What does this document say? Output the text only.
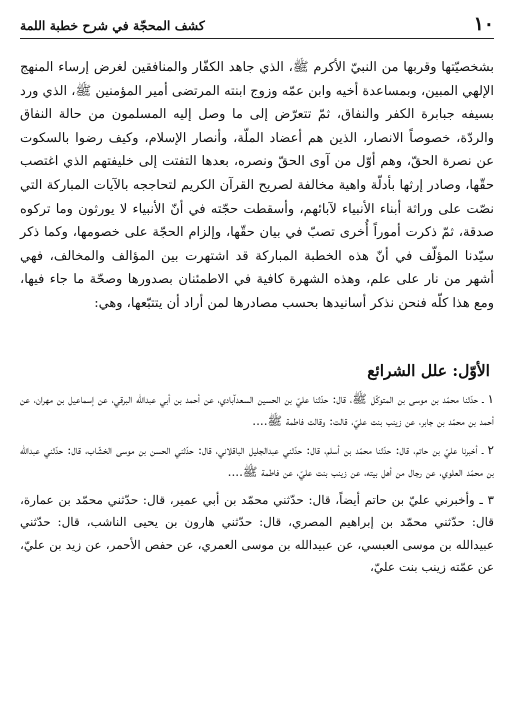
١٠
كشف المحجّة في شرح خطبة اللمة

بشخصيّتها وقربها من النبيّ الأكرم ﷺ، الذي جاهد الكفّار والمنافقين لغرض إرساء المنهج الإلهي المبين، وبمساعدة أخيه وابن عمّه وزوج ابنته المرتضى أمير المؤمنين ﷺ، الذي ورد بسيفه جبابرة الكفر والنفاق، ثمّ تتعرّض إلى ما وصل إليه المسلمون من حالة النفاق والردّة، خصوصاً الانصار، الذين هم أعضاد الملّة، وأنصار الإسلام، وكيف رضوا بالسكوت عن نصرة الحقّ، وهم أوّل من آوى الحقّ ونصره، بعدها التفتت إلى خليفتهم الذي اغتصب حقّها، وصادر إرثها بأدلّة واهية مخالفة لصريح القرآن الكريم لتحاججه بالآيات المباركة التي نصّت على وراثة أبناء الأنبياء لآبائهم، وأسقطت حجّته في أنّ الأنبياء لا يورثون وما تركوه صدقة، ثمّ ذكرت أموراً أُخرى تصبّ في بيان حقّها، وإلزام الحجّة على خصومها، وكما ذكر سيّدنا المؤلّف في أنّ هذه الخطبة المباركة قد اشتهرت بين المؤالف والمخالف، فهي أشهر من نار على علم، وهذه الشهرة كافية في الاطمئنان بصدورها وصحّة ما جاء فيها، ومع هذا كلّه فنحن نذكر أسانيدها بحسب مصادرها لمن أراد أن يتتبّعها، وهي:

الأوّل: علل الشرائع

١ ـ حدّثنا محمّد بن موسى بن المتوكّل ﷺ، قال: حدّثنا عليّ بن الحسين السعدآبادي، عن أحمد بن أبي عبدالله البرقي، عن إسماعيل بن مهران، عن أحمد بن محمّد بن جابر، عن زينب بنت عليّ، قالت: وقالت فاطمة ﷺ....

٢ ـ أخبرنا عليّ بن حاتم، قال: حدّثنا محمّد بن أسلم، قال: حدّثني عبدالجليل الباقلاني، قال: حدّثني الحسن بن موسى الخشّاب، قال: حدّثني عبدالله بن محمّد العلوي، عن رجال من أهل بيته، عن زينب بنت عليّ، عن فاطمة ﷺ....

٣ ـ وأخبرني عليّ بن حاتم أيضاً، قال: حدّثني محمّد بن أبي عمير، قال: حدّثني محمّد بن عمارة، قال: حدّثني محمّد بن إبراهيم المصري، قال: حدّثني هارون بن يحيى الناشب، قال: حدّثني عبيدالله بن موسى العبسي، عن عبيدالله بن موسى العمري، عن حفص الأحمر، عن زيد بن عليّ، عن عمّته زينب بنت عليّ،
